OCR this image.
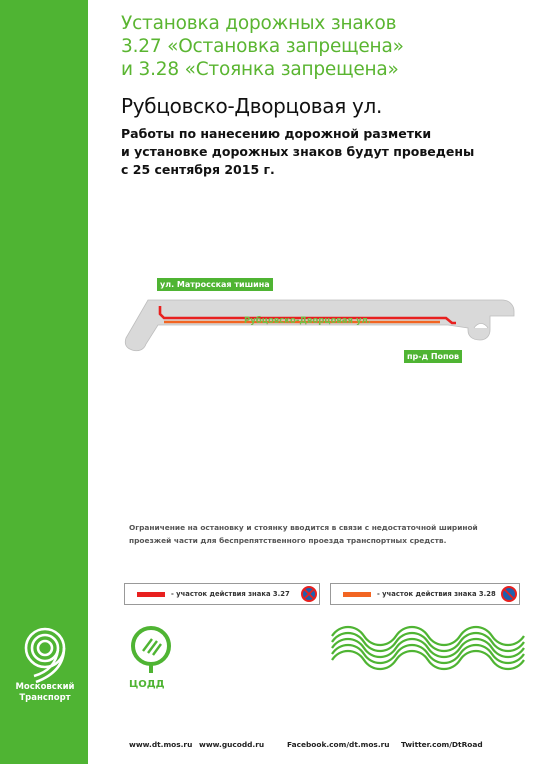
Московский
Транспорт
Установка дорожных знаков
3.27 «Остановка запрещена»
и 3.28 «Стоянка запрещена»
Рубцовско-Дворцовая ул.

Работы по нанесению дорожной разметки
и установке дорожных знаков будут проведены
с 25 сентября 2015 г.

ул. Матросская тишина
Рубцовско-Дворцовая ул.
пр-д Попов

Ограничение на остановку и стоянку вводится в связи с недостаточной шириной
проезжей части для беспрепятственного проезда транспортных средств.

- участок действия знака 3.27	- участок действия знака 3.28
ЦОДД
www.dt.mos.ru www.gucodd.ru	Facebook.com/dt.mos.ru Twitter.com/DtRoad
